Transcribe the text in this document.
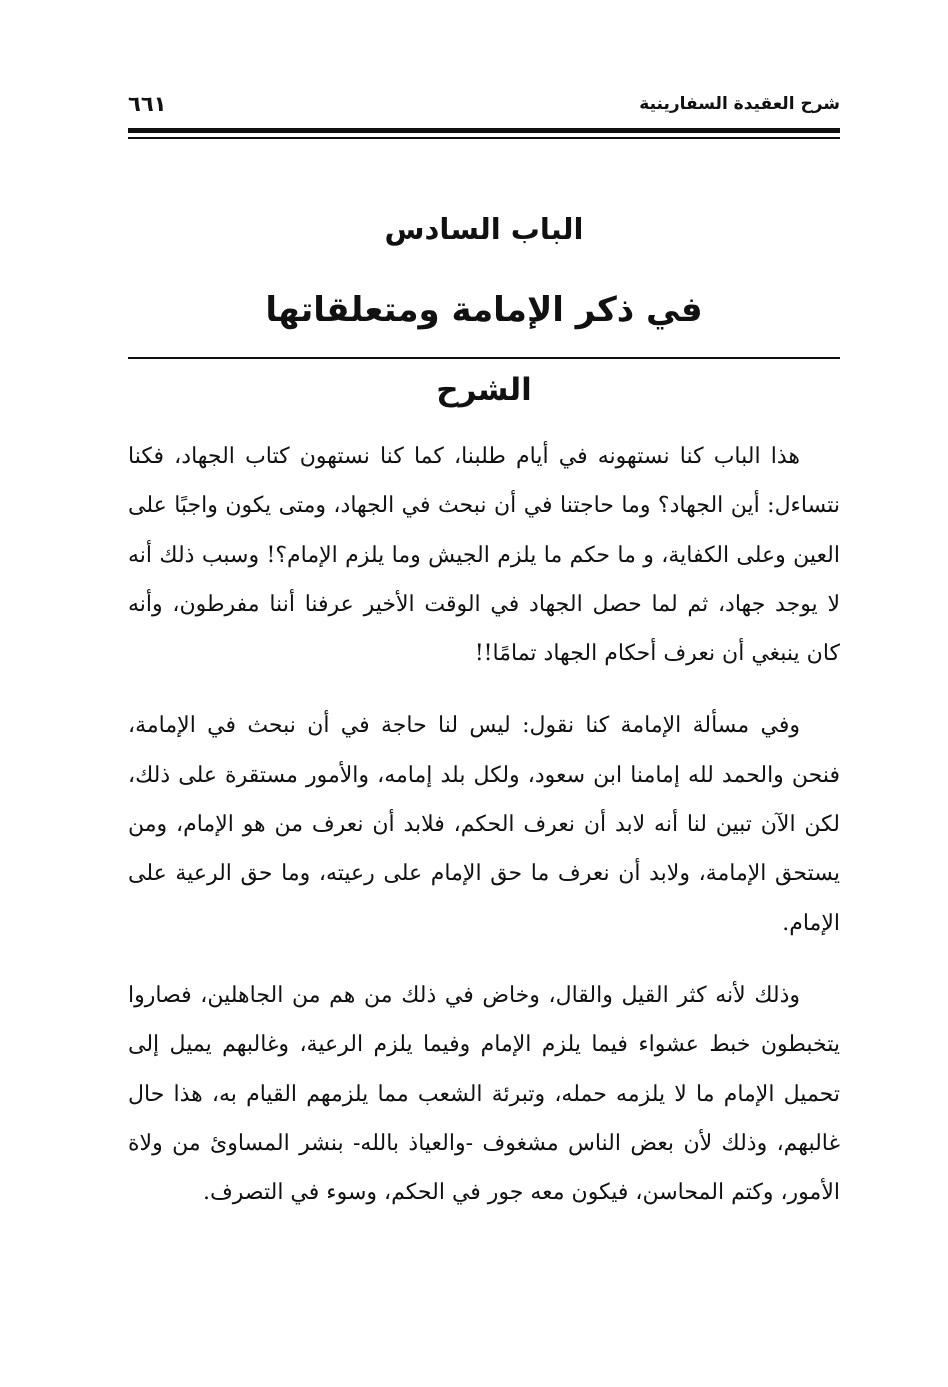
شرح العقيدة السفارينية
٦٦١
الباب السادس
في ذكر الإمامة ومتعلقاتها
الشرح

هذا الباب كنا نستهونه في أيام طلبنا، كما كنا نستهون كتاب الجهاد، فكنا نتساءل: أين الجهاد؟ وما حاجتنا في أن نبحث في الجهاد، ومتى يكون واجبًا على العين وعلى الكفاية، و ما حكم ما يلزم الجيش وما يلزم الإمام؟! وسبب ذلك أنه لا يوجد جهاد، ثم لما حصل الجهاد في الوقت الأخير عرفنا أننا مفرطون، وأنه كان ينبغي أن نعرف أحكام الجهاد تمامًا!!

وفي مسألة الإمامة كنا نقول: ليس لنا حاجة في أن نبحث في الإمامة، فنحن والحمد لله إمامنا ابن سعود، ولكل بلد إمامه، والأمور مستقرة على ذلك، لكن الآن تبين لنا أنه لابد أن نعرف الحكم، فلابد أن نعرف من هو الإمام، ومن يستحق الإمامة، ولابد أن نعرف ما حق الإمام على رعيته، وما حق الرعية على الإمام.

وذلك لأنه كثر القيل والقال، وخاض في ذلك من هم من الجاهلين، فصاروا يتخبطون خبط عشواء فيما يلزم الإمام وفيما يلزم الرعية، وغالبهم يميل إلى تحميل الإمام ما لا يلزمه حمله، وتبرئة الشعب مما يلزمهم القيام به، هذا حال غالبهم، وذلك لأن بعض الناس مشغوف -والعياذ بالله- بنشر المساوئ من ولاة الأمور، وكتم المحاسن، فيكون معه جور في الحكم، وسوء في التصرف.
